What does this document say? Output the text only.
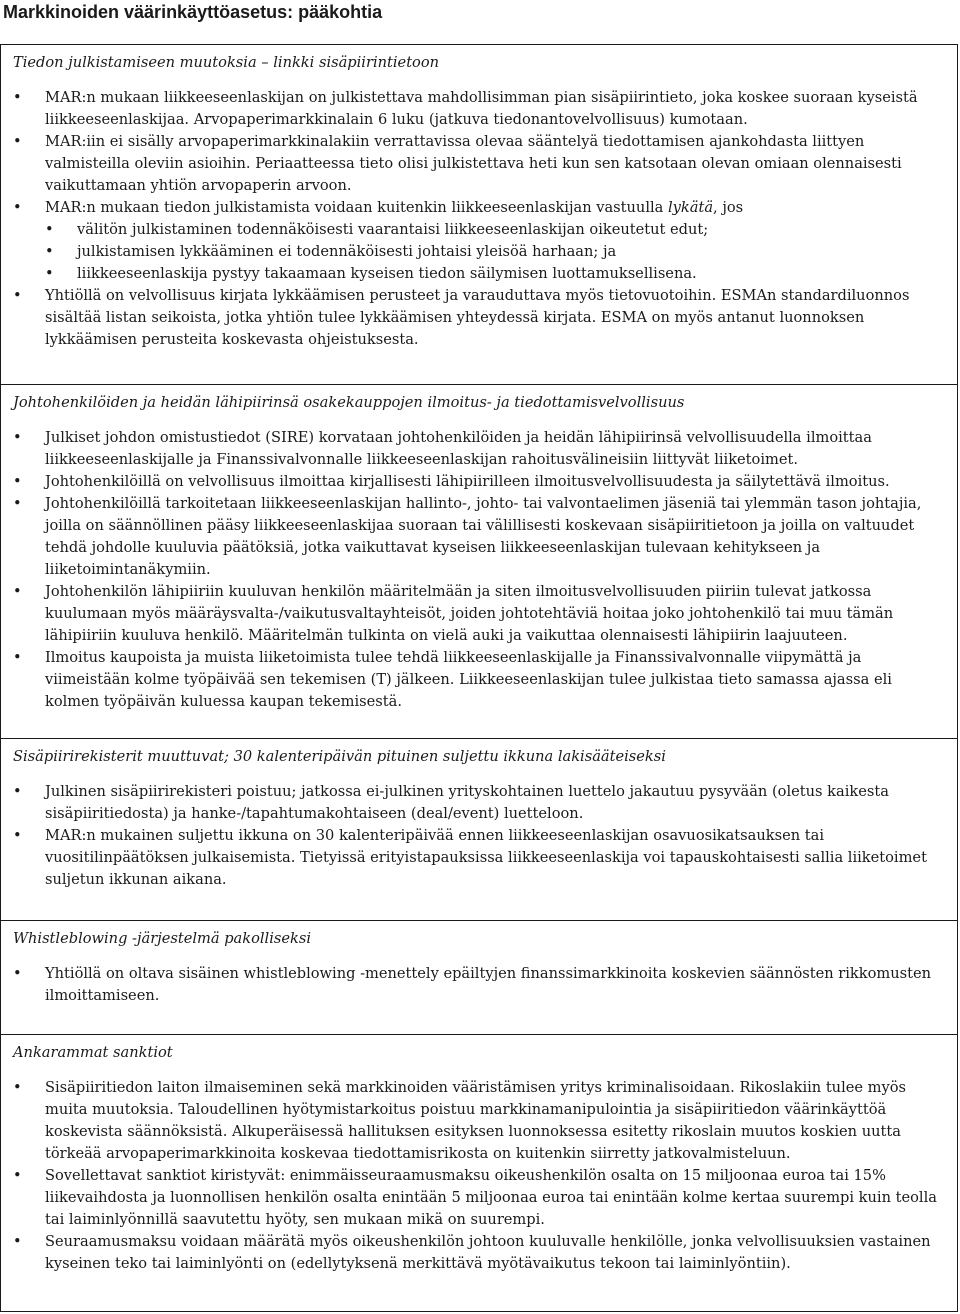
Markkinoiden väärinkäyttöasetus: pääkohtia
Tiedon julkistamiseen muutoksia – linkki sisäpiirintietoon
• MAR:n mukaan liikkeeseenlaskijan on julkistettava mahdollisimman pian sisäpiirintieto, joka koskee suoraan kyseistä liikkeeseenlaskijaa. Arvopaperimarkkinalain 6 luku (jatkuva tiedonantovelvollisuus) kumotaan.
• MAR:iin ei sisälly arvopaperimarkkinalakiin verrattavissa olevaa sääntelyä tiedottamisen ajankohdasta liittyen valmisteilla oleviin asioihin. Periaatteessa tieto olisi julkistettava heti kun sen katsotaan olevan omiaan olennaisesti vaikuttamaan yhtiön arvopaperin arvoon.
• MAR:n mukaan tiedon julkistamista voidaan kuitenkin liikkeeseenlaskijan vastuulla lykätä, jos
• välitön julkistaminen todennäköisesti vaarantaisi liikkeeseenlaskijan oikeutetut edut;
• julkistamisen lykkääminen ei todennäköisesti johtaisi yleisöä harhaan; ja
• liikkeeseenlaskija pystyy takaamaan kyseisen tiedon säilymisen luottamuksellisena.
• Yhtiöllä on velvollisuus kirjata lykkäämisen perusteet ja varauduttava myös tietovuotoihin. ESMAn standardiluonnos sisältää listan seikoista, jotka yhtiön tulee lykkäämisen yhteydessä kirjata. ESMA on myös antanut luonnoksen lykkäämisen perusteita koskevasta ohjeistuksesta.
Johtohenkilöiden ja heidän lähipiirinsä osakekauppojen ilmoitus- ja tiedottamisvelvollisuus
• Julkiset johdon omistustiedot (SIRE) korvataan johtohenkilöiden ja heidän lähipiirinsä velvollisuudella ilmoittaa liikkeeseenlaskijalle ja Finanssivalvonnalle liikkeeseenlaskijan rahoitusvälineisiin liittyvät liiketoimet.
• Johtohenkilöillä on velvollisuus ilmoittaa kirjallisesti lähipiirilleen ilmoitusvelvollisuudesta ja säilytettävä ilmoitus.
• Johtohenkilöillä tarkoitetaan liikkeeseenlaskijan hallinto-, johto- tai valvontaelimen jäseniä tai ylemmän tason johtajia, joilla on säännöllinen pääsy liikkeeseenlaskijaa suoraan tai välillisesti koskevaan sisäpiiritietoon ja joilla on valtuudet tehdä johdolle kuuluvia päätöksiä, jotka vaikuttavat kyseisen liikkeeseenlaskijan tulevaan kehitykseen ja liiketoimintanäkymiin.
• Johtohenkilön lähipiiriin kuuluvan henkilön määritelmään ja siten ilmoitusvelvollisuuden piiriin tulevat jatkossa kuulumaan myös määräysvalta-/vaikutusvaltayhteisöt, joiden johtotehtäviä hoitaa joko johtohenkilö tai muu tämän lähipiiriin kuuluva henkilö. Määritelmän tulkinta on vielä auki ja vaikuttaa olennaisesti lähipiirin laajuuteen.
• Ilmoitus kaupoista ja muista liiketoimista tulee tehdä liikkeeseenlaskijalle ja Finanssivalvonnalle viipymättä ja viimeistään kolme työpäivää sen tekemisen (T) jälkeen. Liikkeeseenlaskijan tulee julkistaa tieto samassa ajassa eli kolmen työpäivän kuluessa kaupan tekemisestä.
Sisäpiirirekisterit muuttuvat; 30 kalenteripäivän pituinen suljettu ikkuna lakisääteiseksi
• Julkinen sisäpiirirekisteri poistuu; jatkossa ei-julkinen yrityskohtainen luettelo jakautuu pysyvään (oletus kaikesta sisäpiiritiedosta) ja hanke-/tapahtumakohtaiseen (deal/event) luetteloon.
• MAR:n mukainen suljettu ikkuna on 30 kalenteripäivää ennen liikkeeseenlaskijan osavuosikatsauksen tai vuositilinpäätöksen julkaisemista. Tietyissä erityistapauksissa liikkeeseenlaskija voi tapauskohtaisesti sallia liiketoimet suljetun ikkunan aikana.
Whistleblowing -järjestelmä pakolliseksi
• Yhtiöllä on oltava sisäinen whistleblowing -menettely epäiltyjen finanssimarkkinoita koskevien säännösten rikkomusten ilmoittamiseen.
Ankarammat sanktiot
• Sisäpiiritiedon laiton ilmaiseminen sekä markkinoiden vääristämisen yritys kriminalisoidaan. Rikoslakiin tulee myös muita muutoksia. Taloudellinen hyötymistarkoitus poistuu markkinamanipulointia ja sisäpiiritiedon väärinkäyttöä koskevista säännöksistä. Alkuperäisessä hallituksen esityksen luonnoksessa esitetty rikoslain muutos koskien uutta törkeää arvopaperimarkkinoita koskevaa tiedottamisrikosta on kuitenkin siirretty jatkovalmisteluun.
• Sovellettavat sanktiot kiristyvät: enimmäisseuraamusmaksu oikeushenkilön osalta on 15 miljoonaa euroa tai 15% liikevaihdosta ja luonnollisen henkilön osalta enintään 5 miljoonaa euroa tai enintään kolme kertaa suurempi kuin teolla tai laiminlyönnillä saavutettu hyöty, sen mukaan mikä on suurempi.
• Seuraamusmaksu voidaan määrätä myös oikeushenkilön johtoon kuuluvalle henkilölle, jonka velvollisuuksien vastainen kyseinen teko tai laiminlyönti on (edellytyksenä merkittävä myötävaikutus tekoon tai laiminlyöntiin).
